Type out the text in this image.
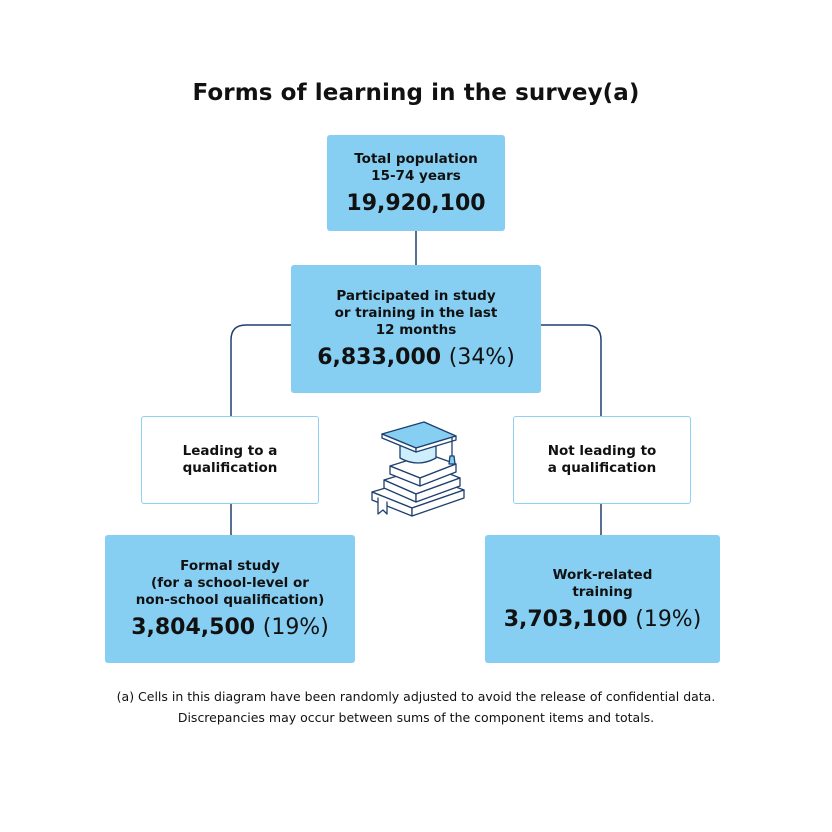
Forms of learning in the survey(a)
Total population
15-74 years
19,920,100
Participated in study
or training in the last
12 months
6,833,000 (34%)
Leading to a
qualification
Not leading to
a qualification
Formal study
(for a school-level or
non-school qualification)
3,804,500 (19%)
Work-related
training
3,703,100 (19%)
(a) Cells in this diagram have been randomly adjusted to avoid the release of confidential data.
Discrepancies may occur between sums of the component items and totals.
